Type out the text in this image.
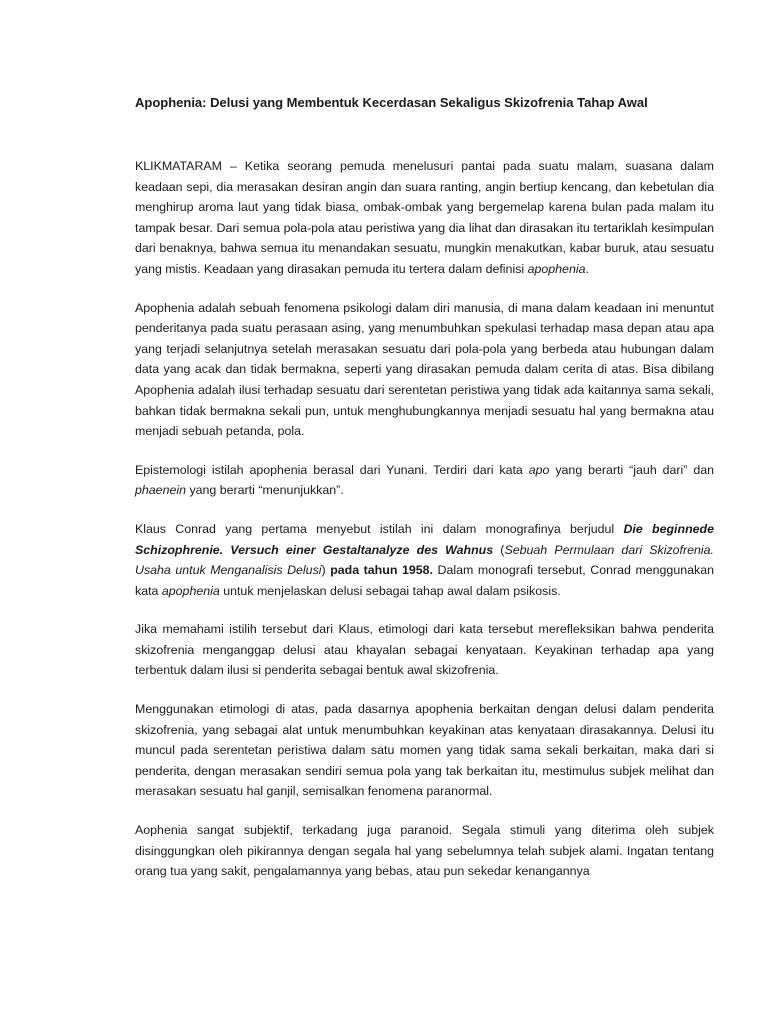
Apophenia: Delusi yang Membentuk Kecerdasan Sekaligus Skizofrenia Tahap Awal

KLIKMATARAM – Ketika seorang pemuda menelusuri pantai pada suatu malam, suasana dalam keadaan sepi, dia merasakan desiran angin dan suara ranting, angin bertiup kencang, dan kebetulan dia menghirup aroma laut yang tidak biasa, ombak-ombak yang bergemelap karena bulan pada malam itu tampak besar. Dari semua pola-pola atau peristiwa yang dia lihat dan dirasakan itu tertariklah kesimpulan dari benaknya, bahwa semua itu menandakan sesuatu, mungkin menakutkan, kabar buruk, atau sesuatu yang mistis. Keadaan yang dirasakan pemuda itu tertera dalam definisi apophenia.

Apophenia adalah sebuah fenomena psikologi dalam diri manusia, di mana dalam keadaan ini menuntut penderitanya pada suatu perasaan asing, yang menumbuhkan spekulasi terhadap masa depan atau apa yang terjadi selanjutnya setelah merasakan sesuatu dari pola-pola yang berbeda atau hubungan dalam data yang acak dan tidak bermakna, seperti yang dirasakan pemuda dalam cerita di atas. Bisa dibilang Apophenia adalah ilusi terhadap sesuatu dari serentetan peristiwa yang tidak ada kaitannya sama sekali, bahkan tidak bermakna sekali pun, untuk menghubungkannya menjadi sesuatu hal yang bermakna atau menjadi sebuah petanda, pola.

Epistemologi istilah apophenia berasal dari Yunani. Terdiri dari kata apo yang berarti “jauh dari” dan phaenein yang berarti “menunjukkan”.

Klaus Conrad yang pertama menyebut istilah ini dalam monografinya berjudul Die beginnede Schizophrenie. Versuch einer Gestaltanalyze des Wahnus (Sebuah Permulaan dari Skizofrenia. Usaha untuk Menganalisis Delusi) pada tahun 1958. Dalam monografi tersebut, Conrad menggunakan kata apophenia untuk menjelaskan delusi sebagai tahap awal dalam psikosis.

Jika memahami istilih tersebut dari Klaus, etimologi dari kata tersebut merefleksikan bahwa penderita skizofrenia menganggap delusi atau khayalan sebagai kenyataan. Keyakinan terhadap apa yang terbentuk dalam ilusi si penderita sebagai bentuk awal skizofrenia.

Menggunakan etimologi di atas, pada dasarnya apophenia berkaitan dengan delusi dalam penderita skizofrenia, yang sebagai alat untuk menumbuhkan keyakinan atas kenyataan dirasakannya. Delusi itu muncul pada serentetan peristiwa dalam satu momen yang tidak sama sekali berkaitan, maka dari si penderita, dengan merasakan sendiri semua pola yang tak berkaitan itu, mestimulus subjek melihat dan merasakan sesuatu hal ganjil, semisalkan fenomena paranormal.

Aophenia sangat subjektif, terkadang juga paranoid. Segala stimuli yang diterima oleh subjek disinggungkan oleh pikirannya dengan segala hal yang sebelumnya telah subjek alami. Ingatan tentang orang tua yang sakit, pengalamannya yang bebas, atau pun sekedar kenangannya
